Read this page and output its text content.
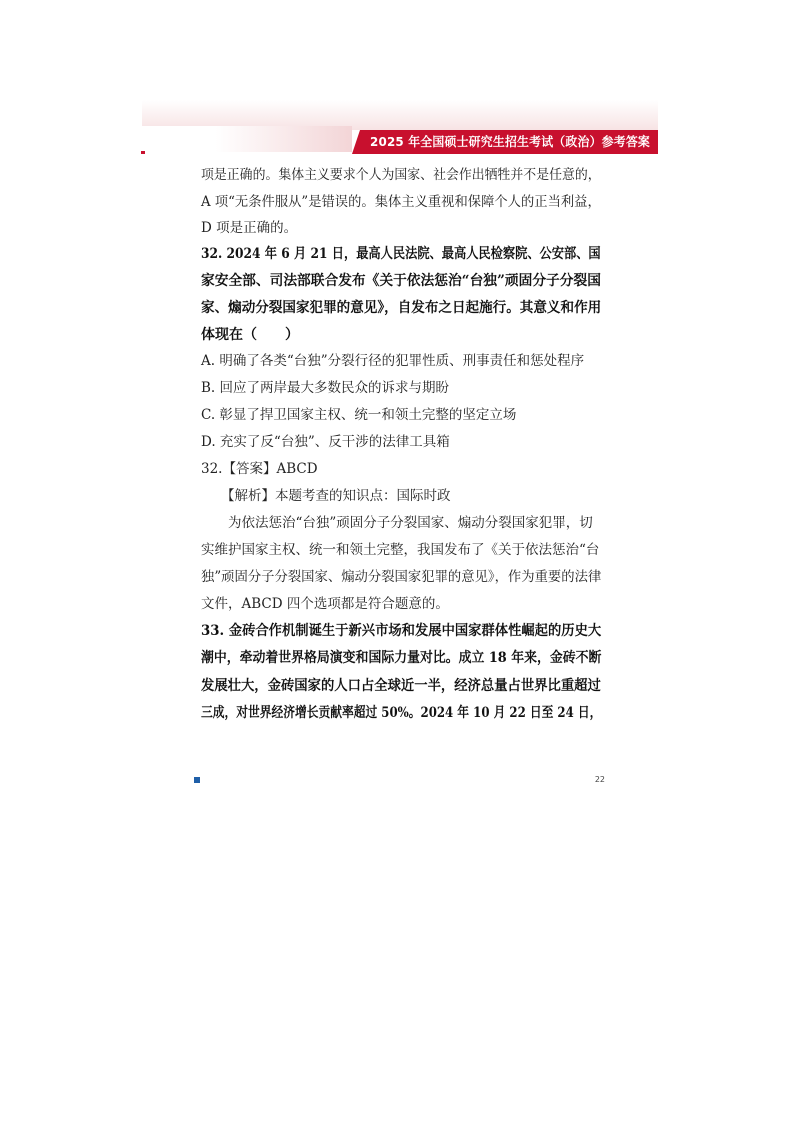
2025 年全国硕士研究生招生考试（政治）参考答案
项是正确的。集体主义要求个人为国家、社会作出牺牲并不是任意的，
A 项“无条件服从”是错误的。集体主义重视和保障个人的正当利益，
D 项是正确的。
32. 2024 年 6 月 21 日，最高人民法院、最高人民检察院、公安部、国
家安全部、司法部联合发布《关于依法惩治“台独”顽固分子分裂国
家、煽动分裂国家犯罪的意见》，自发布之日起施行。其意义和作用
体现在（　　）
A. 明确了各类“台独”分裂行径的犯罪性质、刑事责任和惩处程序
B. 回应了两岸最大多数民众的诉求与期盼
C. 彰显了捍卫国家主权、统一和领土完整的坚定立场
D. 充实了反“台独”、反干涉的法律工具箱
32.【答案】ABCD
【解析】本题考查的知识点：国际时政
为依法惩治“台独”顽固分子分裂国家、煽动分裂国家犯罪，切
实维护国家主权、统一和领土完整，我国发布了《关于依法惩治“台
独”顽固分子分裂国家、煽动分裂国家犯罪的意见》，作为重要的法律
文件，ABCD 四个选项都是符合题意的。
33. 金砖合作机制诞生于新兴市场和发展中国家群体性崛起的历史大
潮中，牵动着世界格局演变和国际力量对比。成立 18 年来，金砖不断
发展壮大，金砖国家的人口占全球近一半，经济总量占世界比重超过
三成，对世界经济增长贡献率超过 50%。2024 年 10 月 22 日至 24 日，
22
